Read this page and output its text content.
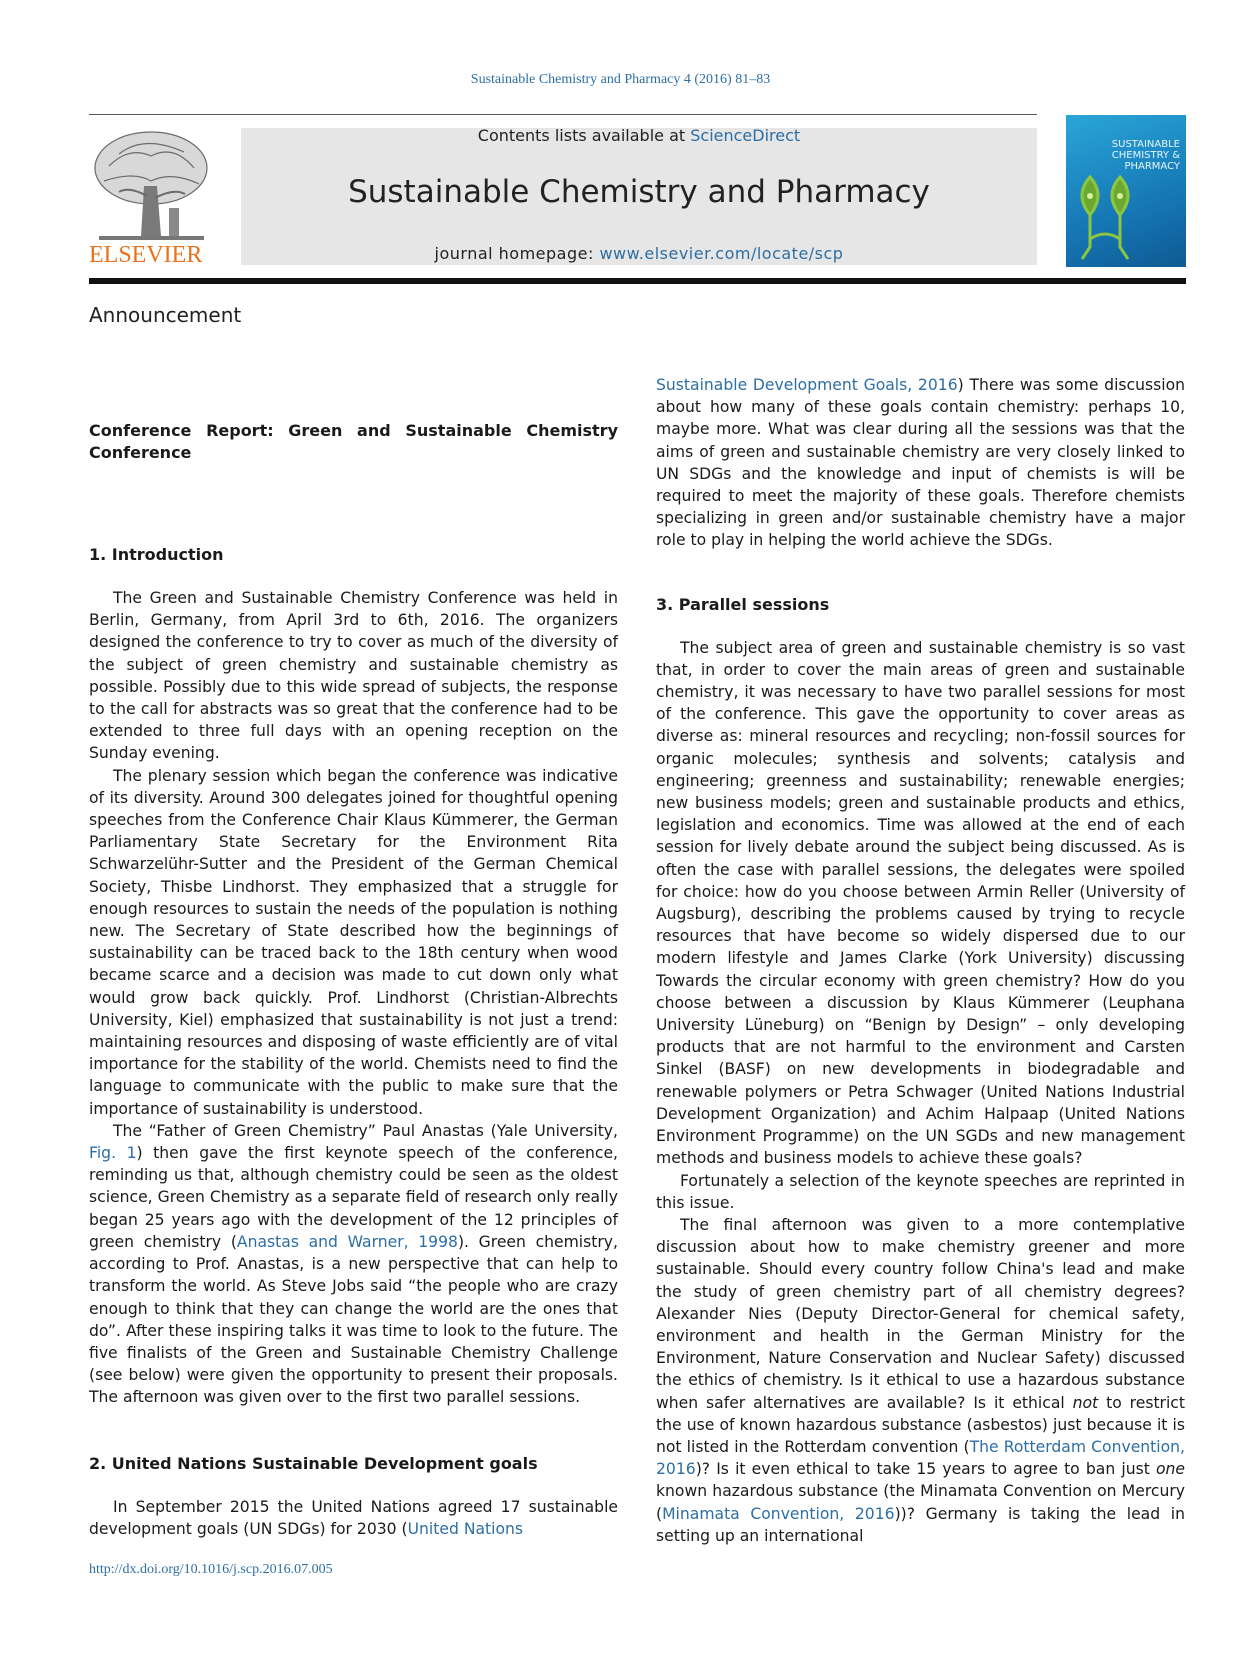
Sustainable Chemistry and Pharmacy 4 (2016) 81–83
ELSEVIER
Contents lists available at ScienceDirect
Sustainable Chemistry and Pharmacy
journal homepage: www.elsevier.com/locate/scp
SUSTAINABLE
CHEMISTRY &
PHARMACY
Announcement
Conference Report: Green and Sustainable Chemistry Conference
1. Introduction

The Green and Sustainable Chemistry Conference was held in Berlin, Germany, from April 3rd to 6th, 2016. The organizers designed the conference to try to cover as much of the diversity of the subject of green chemistry and sustainable chemistry as possible. Possibly due to this wide spread of subjects, the response to the call for abstracts was so great that the conference had to be extended to three full days with an opening reception on the Sunday evening.

The plenary session which began the conference was indicative of its diversity. Around 300 delegates joined for thoughtful opening speeches from the Conference Chair Klaus Kümmerer, the German Parliamentary State Secretary for the Environment Rita Schwarzelühr-Sutter and the President of the German Chemical Society, Thisbe Lindhorst. They emphasized that a struggle for enough resources to sustain the needs of the population is nothing new. The Secretary of State described how the beginnings of sustainability can be traced back to the 18th century when wood became scarce and a decision was made to cut down only what would grow back quickly. Prof. Lindhorst (Christian-Albrechts University, Kiel) emphasized that sustainability is not just a trend: maintaining resources and disposing of waste efficiently are of vital importance for the stability of the world. Chemists need to find the language to communicate with the public to make sure that the importance of sustainability is understood.

The “Father of Green Chemistry” Paul Anastas (Yale University, Fig. 1) then gave the first keynote speech of the conference, reminding us that, although chemistry could be seen as the oldest science, Green Chemistry as a separate field of research only really began 25 years ago with the development of the 12 principles of green chemistry (Anastas and Warner, 1998). Green chemistry, according to Prof. Anastas, is a new perspective that can help to transform the world. As Steve Jobs said “the people who are crazy enough to think that they can change the world are the ones that do”. After these inspiring talks it was time to look to the future. The five finalists of the Green and Sustainable Chemistry Challenge (see below) were given the opportunity to present their proposals. The afternoon was given over to the first two parallel sessions.

2. United Nations Sustainable Development goals

In September 2015 the United Nations agreed 17 sustainable development goals (UN SDGs) for 2030 (United Nations

Sustainable Development Goals, 2016) There was some discussion about how many of these goals contain chemistry: perhaps 10, maybe more. What was clear during all the sessions was that the aims of green and sustainable chemistry are very closely linked to UN SDGs and the knowledge and input of chemists is will be required to meet the majority of these goals. Therefore chemists specializing in green and/or sustainable chemistry have a major role to play in helping the world achieve the SDGs.

3. Parallel sessions

The subject area of green and sustainable chemistry is so vast that, in order to cover the main areas of green and sustainable chemistry, it was necessary to have two parallel sessions for most of the conference. This gave the opportunity to cover areas as diverse as: mineral resources and recycling; non-fossil sources for organic molecules; synthesis and solvents; catalysis and engineering; greenness and sustainability; renewable energies; new business models; green and sustainable products and ethics, legislation and economics. Time was allowed at the end of each session for lively debate around the subject being discussed. As is often the case with parallel sessions, the delegates were spoiled for choice: how do you choose between Armin Reller (University of Augsburg), describing the problems caused by trying to recycle resources that have become so widely dispersed due to our modern lifestyle and James Clarke (York University) discussing Towards the circular economy with green chemistry? How do you choose between a discussion by Klaus Kümmerer (Leuphana University Lüneburg) on “Benign by Design” – only developing products that are not harmful to the environment and Carsten Sinkel (BASF) on new developments in biodegradable and renewable polymers or Petra Schwager (United Nations Industrial Development Organization) and Achim Halpaap (United Nations Environment Programme) on the UN SGDs and new management methods and business models to achieve these goals?

Fortunately a selection of the keynote speeches are reprinted in this issue.

The final afternoon was given to a more contemplative discussion about how to make chemistry greener and more sustainable. Should every country follow China's lead and make the study of green chemistry part of all chemistry degrees? Alexander Nies (Deputy Director-General for chemical safety, environment and health in the German Ministry for the Environment, Nature Conservation and Nuclear Safety) discussed the ethics of chemistry. Is it ethical to use a hazardous substance when safer alternatives are available? Is it ethical not to restrict the use of known hazardous substance (asbestos) just because it is not listed in the Rotterdam convention (The Rotterdam Convention, 2016)? Is it even ethical to take 15 years to agree to ban just one known hazardous substance (the Minamata Convention on Mercury (Minamata Convention, 2016))? Germany is taking the lead in setting up an international

http://dx.doi.org/10.1016/j.scp.2016.07.005
